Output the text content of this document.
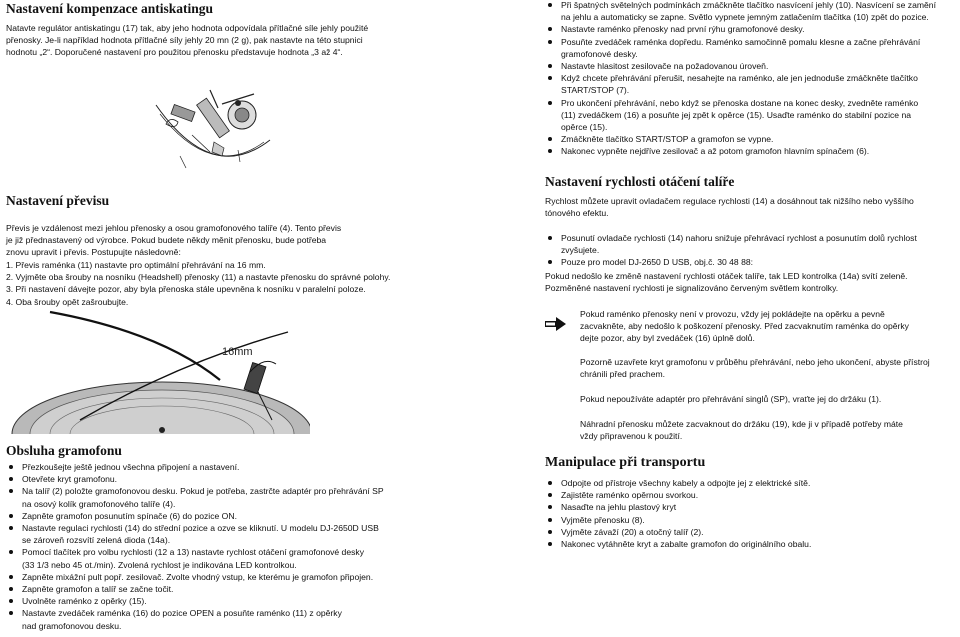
Nastavení kompenzace antiskatingu
Natavte regulátor antiskatingu (17) tak, aby jeho hodnota odpovídala přítlačné síle jehly použité
přenosky. Je-li například hodnota přítlačné síly jehly 20 mn (2 g), pak nastavte na této stupnici
hodnotu „2“. Doporučené nastavení pro použitou přenosku představuje hodnota „3 až 4“.
Nastavení převisu
Převis je vzdálenost mezi jehlou přenosky a osou gramofonového talíře (4). Tento převis
je již přednastavený od výrobce. Pokud budete někdy měnit přenosku, bude potřeba
znovu upravit i převis. Postupujte následovně:
1. Převis raménka (11) nastavte pro optimální přehrávání na 16 mm.
2. Vyjměte oba šrouby na nosníku (Headshell) přenosky (11) a nastavte přenosku do správné polohy.
3. Při nastavení dávejte pozor, aby byla přenoska stále upevněna k nosníku v paralelní poloze.
4. Oba šrouby opět zašroubujte.
16mm
Obsluha gramofonu
Přezkoušejte ještě jednou všechna připojení a nastavení.
Otevřete kryt gramofonu.
Na talíř (2) položte gramofonovou desku. Pokud je potřeba, zastrčte adaptér pro přehrávání SP
na osový kolík gramofonového talíře (4).
Zapněte gramofon posunutím spínače (6) do pozice ON.
Nastavte regulaci rychlosti (14) do střední pozice a ozve se kliknutí. U modelu DJ-2650D USB
se zároveň rozsvítí zelená dioda (14a).
Pomocí tlačítek pro volbu rychlosti (12 a 13) nastavte rychlost otáčení gramofonové desky
(33 1/3 nebo 45 ot./min). Zvolená rychlost je indikována LED kontrolkou.
Zapněte mixážní pult popř. zesilovač. Zvolte vhodný vstup, ke kterému je gramofon připojen.
Zapněte gramofon a talíř se začne točit.
Uvolněte raménko z opěrky (15).
Nastavte zvedáček raménka (16) do pozice OPEN a posuňte raménko (11) z opěrky
nad gramofonovou desku.
Při špatných světelných podmínkách zmáčkněte tlačítko nasvícení jehly (10). Nasvícení se zamění
na jehlu a automaticky se zapne. Světlo vypnete jemným zatlačením tlačítka (10) zpět do pozice.
Nastavte raménko přenosky nad první rýhu gramofonové desky.
Posuňte zvedáček raménka dopředu. Raménko samočinně pomalu klesne a začne přehrávání
gramofonové desky.
Nastavte hlasitost zesilovače na požadovanou úroveň.
Když chcete přehrávání přerušit, nesahejte na raménko, ale jen jednoduše zmáčkněte tlačítko
START/STOP (7).
Pro ukončení přehrávání, nebo když se přenoska dostane na konec desky, zvedněte raménko
(11) zvedáčkem (16) a posuňte jej zpět k opěrce (15). Usaďte raménko do stabilní pozice na
opěrce (15).
Zmáčkněte tlačítko START/STOP a gramofon se vypne.
Nakonec vypněte nejdříve zesilovač a až potom gramofon hlavním spínačem (6).
Nastavení rychlosti otáčení talíře
Rychlost můžete upravit ovladačem regulace rychlosti (14) a dosáhnout tak nižšího nebo vyššího
tónového efektu.
Posunutí ovladače rychlosti (14) nahoru snižuje přehrávací rychlost a posunutím dolů rychlost
zvyšujete.
Pouze pro model DJ-2650 D USB, obj.č. 30 48 88:
Pokud nedošlo ke změně nastavení rychlosti otáček talíře, tak LED kontrolka (14a) svítí zeleně.
Pozměněné nastavení rychlosti je signalizováno červeným světlem kontrolky.
Pokud raménko přenosky není v provozu, vždy jej pokládejte na opěrku a pevně
zacvakněte, aby nedošlo k poškození přenosky. Před zacvaknutím raménka do opěrky
dejte pozor, aby byl zvedáček (16) úplně dolů.
Pozorně uzavřete kryt gramofonu v průběhu přehrávání, nebo jeho ukončení, abyste přístroj
chránili před prachem.
Pokud nepoužíváte adaptér pro přehrávání singlů (SP), vraťte jej do držáku (1).
Náhradní přenosku můžete zacvaknout do držáku (19), kde ji v případě potřeby máte
vždy připravenou k použití.
Manipulace při transportu
Odpojte od přístroje všechny kabely a odpojte jej z elektrické sítě.
Zajistěte raménko opěrnou svorkou.
Nasaďte na jehlu plastový kryt
Vyjměte přenosku (8).
Vyjměte závaží (20) a otočný talíř (2).
Nakonec vytáhněte kryt a zabalte gramofon do originálního obalu.
